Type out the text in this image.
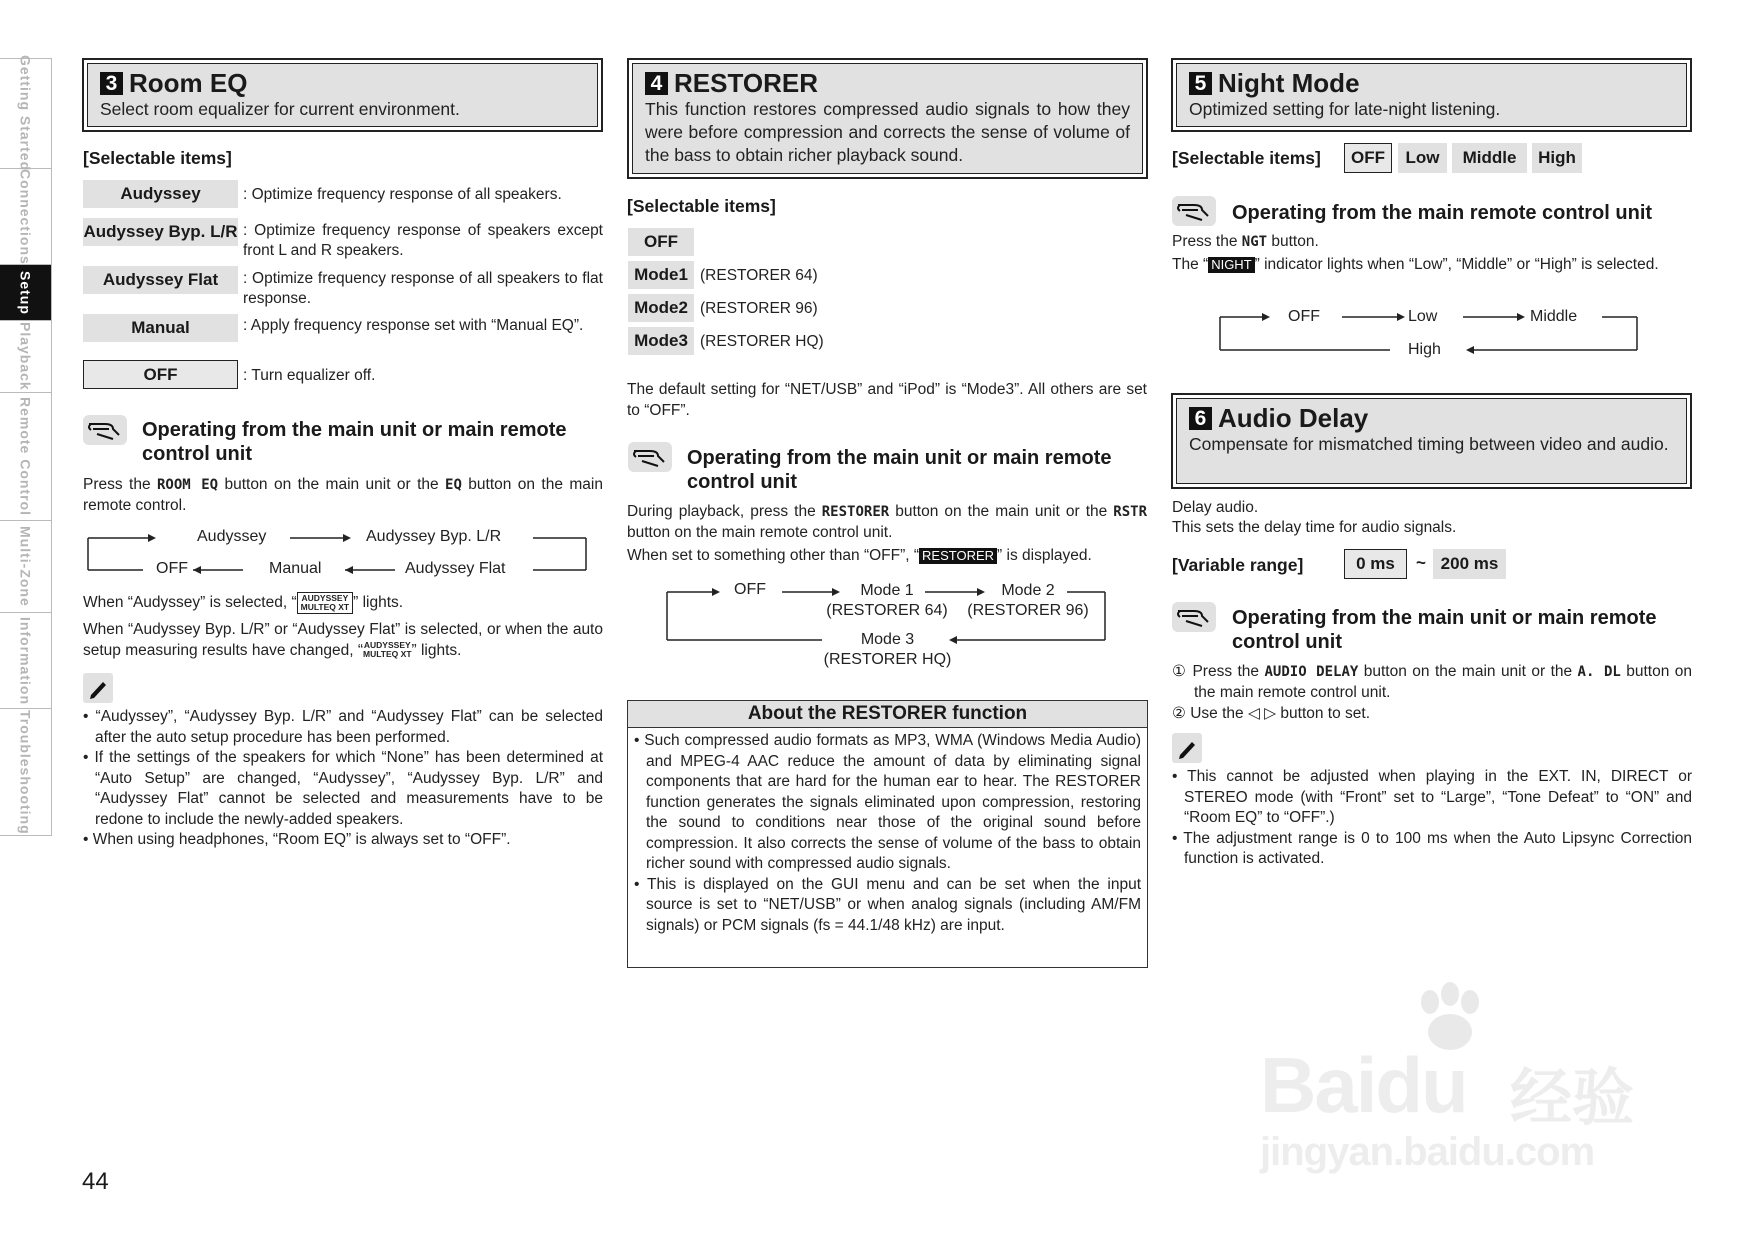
Getting Started
Connections
Setup
Playback
Remote Control
Multi-Zone
Information
Troubleshooting
3 Room EQ
Select room equalizer for current environment.
[Selectable items]
Audyssey	: Optimize frequency response of all speakers.
Audyssey Byp. L/R : Optimize frequency response of speakers except front L and R speakers.
Audyssey Flat	: Optimize frequency response of all speakers to flat response.
Manual	: Apply frequency response set with “Manual EQ”.
OFF	: Turn equalizer off.
Operating from the main unit or main remote control unit
Press the ROOM EQ button on the main unit or the EQ button on the main remote control.
Audyssey	Audyssey Byp. L/R
Audyssey Flat
Manual
OFF
When “Audyssey” is selected, “ AUDYSSEY
MULTEQ XT ” lights.
When “Audyssey Byp. L/R” or “Audyssey Flat” is selected, or when the auto setup measuring results have changed, “AUDYSSEY
MULTEQ XT” lights.
• “Audyssey”, “Audyssey Byp. L/R” and “Audyssey Flat” can be selected after the auto setup procedure has been performed.
• If the settings of the speakers for which “None” has been determined at “Auto Setup” are changed, “Audyssey”, “Audyssey Byp. L/R” and “Audyssey Flat” cannot be selected and measurements have to be redone to include the newly-added speakers.
• When using headphones, “Room EQ” is always set to “OFF”.
44
4 RESTORER
This function restores compressed audio signals to how they were before compression and corrects the sense of volume of the bass to obtain richer playback sound.
[Selectable items]
OFF
Mode1 (RESTORER 64)
Mode2 (RESTORER 96)
Mode3 (RESTORER HQ)
The default setting for “NET/USB” and “iPod” is “Mode3”. All others are set to “OFF”.
Operating from the main unit or main remote control unit
During playback, press the RESTORER button on the main unit or the RSTR button on the main remote control unit.
When set to something other than “OFF”, “ RESTORER ” is displayed.
OFF	Mode 1
(RESTORER 64)
Mode 2
(RESTORER 96)
Mode 3
(RESTORER HQ)
About the RESTORER function
• Such compressed audio formats as MP3, WMA (Windows Media Audio) and MPEG-4 AAC reduce the amount of data by eliminating signal components that are hard for the human ear to hear. The RESTORER function generates the signals eliminated upon compression, restoring the sound to conditions near those of the original sound before compression. It also corrects the sense of volume of the bass to obtain richer sound with compressed audio signals.
• This is displayed on the GUI menu and can be set when the input source is set to “NET/USB” or when analog signals (including AM/FM signals) or PCM signals (fs = 44.1/48 kHz) are input.
5 Night Mode
Optimized setting for late-night listening.
[Selectable items]	OFF	Low	Middle	High
Operating from the main remote control unit
Press the NGT button.
The “ NIGHT ” indicator lights when “Low”, “Middle” or “High” is selected.
OFF	Low	Middle
High
6 Audio Delay
Compensate for mismatched timing between video and audio.
Delay audio.
This sets the delay time for audio signals.
[Variable range]	0 ms	~ 200 ms
Operating from the main unit or main remote control unit
① Press the AUDIO DELAY button on the main unit or the A. DL button on the main remote control unit.
② Use the ◁ ▷ button to set.
• This cannot be adjusted when playing in the EXT. IN, DIRECT or STEREO mode (with “Front” set to “Large”, “Tone Defeat” to “ON” and “Room EQ” to “OFF”.)
• The adjustment range is 0 to 100 ms when the Auto Lipsync Correction function is activated.
Baidu 经验
jingyan.baidu.com
